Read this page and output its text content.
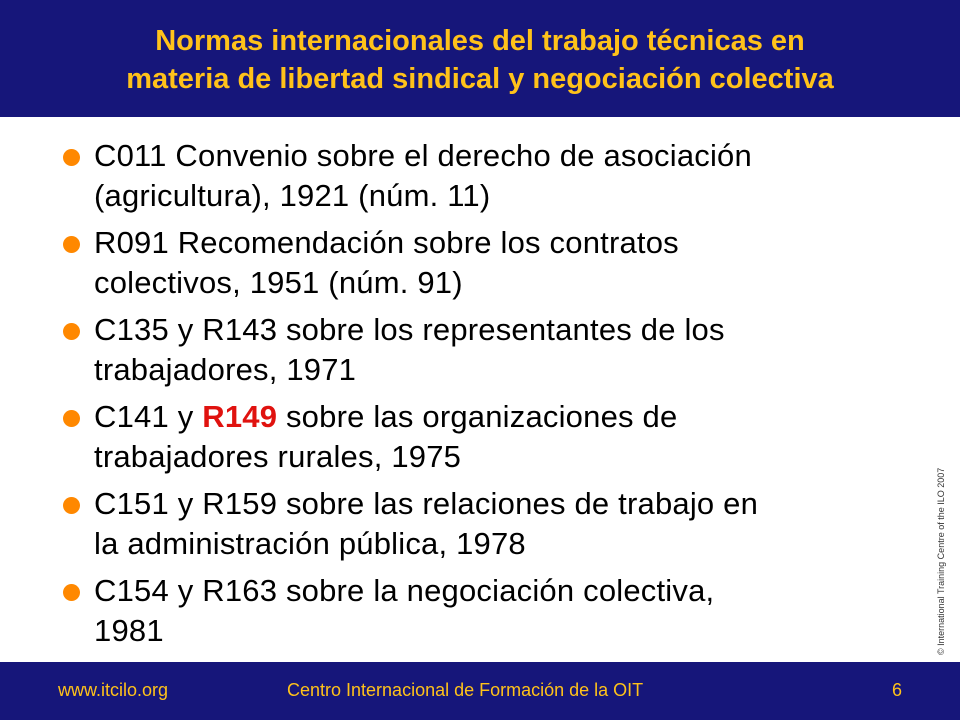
Normas internacionales del trabajo técnicas en
materia de libertad sindical y negociación colectiva
C011 Convenio sobre el derecho de asociación
(agricultura), 1921 (núm. 11)
R091 Recomendación sobre los contratos
colectivos, 1951 (núm. 91)
C135 y R143 sobre los representantes de los
trabajadores, 1971
C141 y R149 sobre las organizaciones de
trabajadores rurales, 1975
C151 y R159 sobre las relaciones de trabajo en
la administración pública, 1978
C154 y R163 sobre la negociación colectiva,
1981	© International Training Centre of the ILO 2007
www.itcilo.org	Centro Internacional de Formación de la OIT	6
